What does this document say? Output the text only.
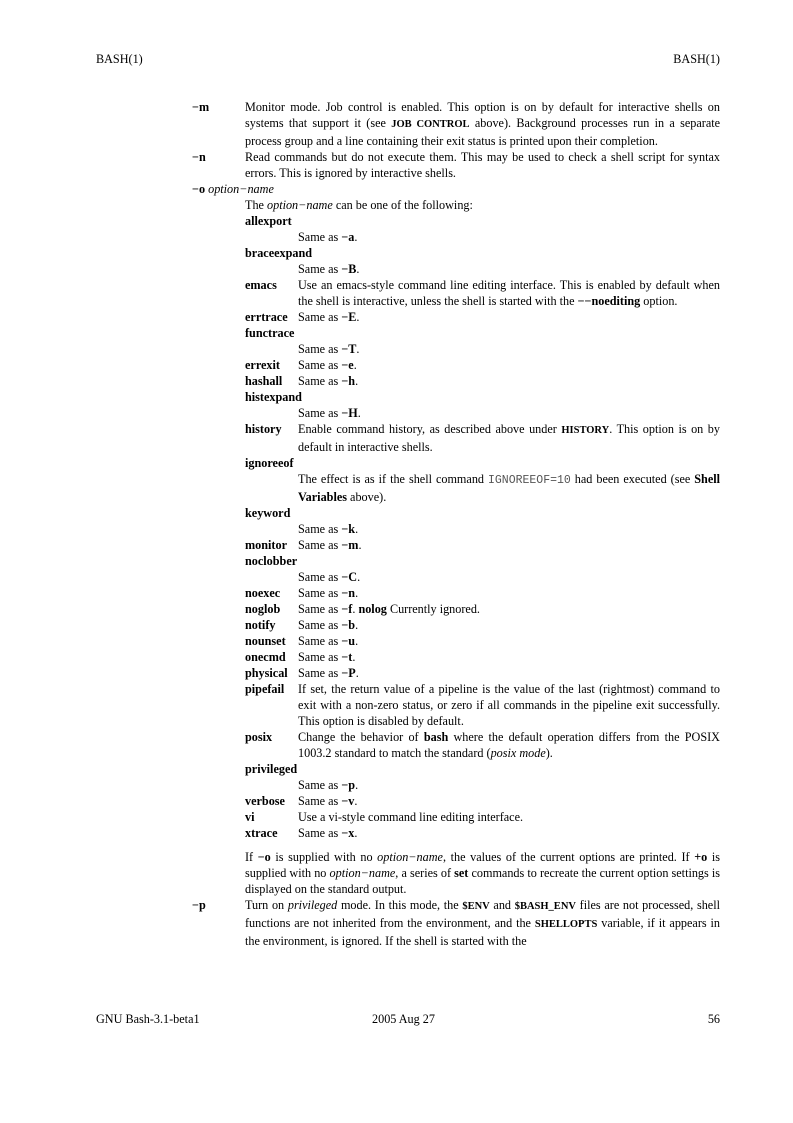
BASH(1)	BASH(1)
−m	Monitor mode. Job control is enabled. This option is on by default for interactive shells on systems that support it (see JOB CONTROL above). Background processes run in a separate process group and a line containing their exit status is printed upon their completion.
−n	Read commands but do not execute them. This may be used to check a shell script for syntax errors. This is ignored by interactive shells.
−o option−name
The option−name can be one of the following:
allexport
Same as −a.
braceexpand
Same as −B.
emacs Use an emacs-style command line editing interface. This is enabled by default when the shell is interactive, unless the shell is started with the −−noediting option.
errtrace Same as −E.
functrace
Same as −T.
errexit Same as −e.
hashall Same as −h.
histexpand
Same as −H.
history Enable command history, as described above under HISTORY. This option is on by default in interactive shells.
ignoreeof
The effect is as if the shell command IGNOREEOF=10 had been executed (see Shell Variables above).
keyword
Same as −k.
monitor Same as −m.
noclobber
Same as −C.
noexec Same as −n.
noglob Same as −f. nolog Currently ignored.
notify Same as −b.
nounset Same as −u.
onecmd Same as −t.
physical Same as −P.
pipefail If set, the return value of a pipeline is the value of the last (rightmost) command to exit with a non-zero status, or zero if all commands in the pipeline exit successfully. This option is disabled by default.
posix Change the behavior of bash where the default operation differs from the POSIX 1003.2 standard to match the standard (posix mode).
privileged
Same as −p.
verbose Same as −v.
vi	Use a vi-style command line editing interface.
xtrace Same as −x.
If −o is supplied with no option−name, the values of the current options are printed. If +o is supplied with no option−name, a series of set commands to recreate the current option settings is displayed on the standard output.
−p	Turn on privileged mode. In this mode, the $ENV and $BASH_ENV files are not processed, shell functions are not inherited from the environment, and the SHELLOPTS variable, if it appears in the environment, is ignored. If the shell is started with the
GNU Bash-3.1-beta1	2005 Aug 27	56
